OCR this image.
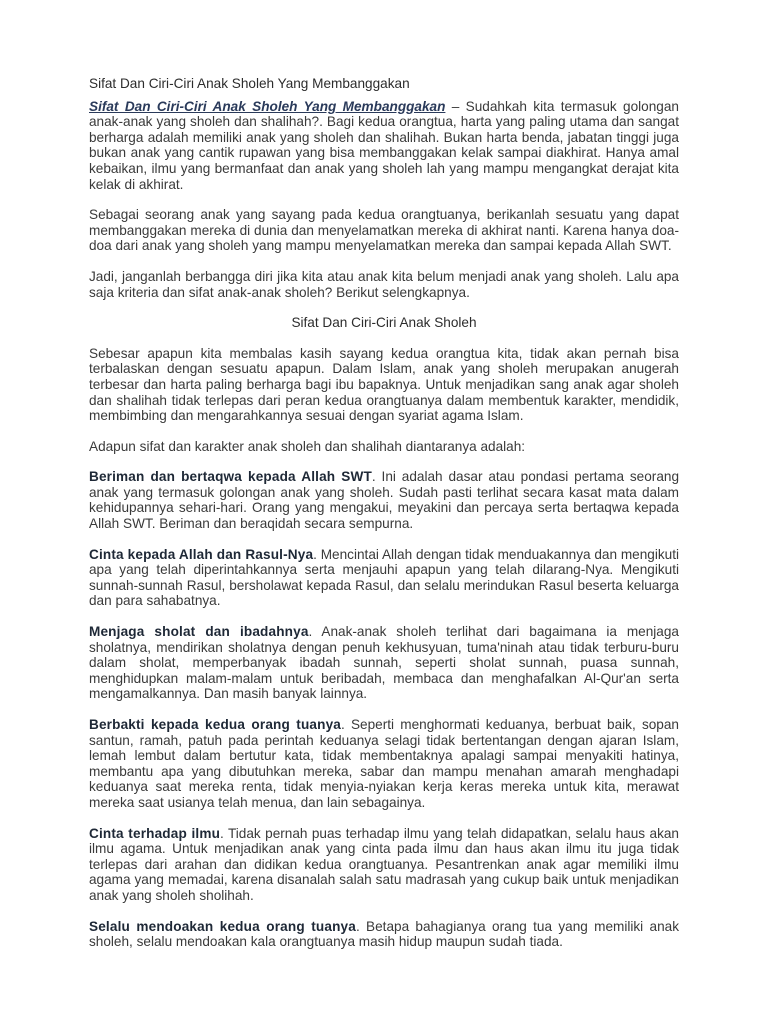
Sifat Dan Ciri-Ciri Anak Sholeh Yang Membanggakan

Sifat Dan Ciri-Ciri Anak Sholeh Yang Membanggakan – Sudahkah kita termasuk golongan anak-anak yang sholeh dan shalihah?. Bagi kedua orangtua, harta yang paling utama dan sangat berharga adalah memiliki anak yang sholeh dan shalihah. Bukan harta benda, jabatan tinggi juga bukan anak yang cantik rupawan yang bisa membanggakan kelak sampai diakhirat. Hanya amal kebaikan, ilmu yang bermanfaat dan anak yang sholeh lah yang mampu mengangkat derajat kita kelak di akhirat.

Sebagai seorang anak yang sayang pada kedua orangtuanya, berikanlah sesuatu yang dapat membanggakan mereka di dunia dan menyelamatkan mereka di akhirat nanti. Karena hanya doa-doa dari anak yang sholeh yang mampu menyelamatkan mereka dan sampai kepada Allah SWT.

Jadi, janganlah berbangga diri jika kita atau anak kita belum menjadi anak yang sholeh. Lalu apa saja kriteria dan sifat anak-anak sholeh? Berikut selengkapnya.

Sifat Dan Ciri-Ciri Anak Sholeh

Sebesar apapun kita membalas kasih sayang kedua orangtua kita, tidak akan pernah bisa terbalaskan dengan sesuatu apapun. Dalam Islam, anak yang sholeh merupakan anugerah terbesar dan harta paling berharga bagi ibu bapaknya. Untuk menjadikan sang anak agar sholeh dan shalihah tidak terlepas dari peran kedua orangtuanya dalam membentuk karakter, mendidik, membimbing dan mengarahkannya sesuai dengan syariat agama Islam.

Adapun sifat dan karakter anak sholeh dan shalihah diantaranya adalah:

Beriman dan bertaqwa kepada Allah SWT. Ini adalah dasar atau pondasi pertama seorang anak yang termasuk golongan anak yang sholeh. Sudah pasti terlihat secara kasat mata dalam kehidupannya sehari-hari. Orang yang mengakui, meyakini dan percaya serta bertaqwa kepada Allah SWT. Beriman dan beraqidah secara sempurna.

Cinta kepada Allah dan Rasul-Nya. Mencintai Allah dengan tidak menduakannya dan mengikuti apa yang telah diperintahkannya serta menjauhi apapun yang telah dilarang-Nya. Mengikuti sunnah-sunnah Rasul, bersholawat kepada Rasul, dan selalu merindukan Rasul beserta keluarga dan para sahabatnya.

Menjaga sholat dan ibadahnya. Anak-anak sholeh terlihat dari bagaimana ia menjaga sholatnya, mendirikan sholatnya dengan penuh kekhusyuan, tuma'ninah atau tidak terburu-buru dalam sholat, memperbanyak ibadah sunnah, seperti sholat sunnah, puasa sunnah, menghidupkan malam-malam untuk beribadah, membaca dan menghafalkan Al-Qur'an serta mengamalkannya. Dan masih banyak lainnya.

Berbakti kepada kedua orang tuanya. Seperti menghormati keduanya, berbuat baik, sopan santun, ramah, patuh pada perintah keduanya selagi tidak bertentangan dengan ajaran Islam, lemah lembut dalam bertutur kata, tidak membentaknya apalagi sampai menyakiti hatinya, membantu apa yang dibutuhkan mereka, sabar dan mampu menahan amarah menghadapi keduanya saat mereka renta, tidak menyia-nyiakan kerja keras mereka untuk kita, merawat mereka saat usianya telah menua, dan lain sebagainya.

Cinta terhadap ilmu. Tidak pernah puas terhadap ilmu yang telah didapatkan, selalu haus akan ilmu agama. Untuk menjadikan anak yang cinta pada ilmu dan haus akan ilmu itu juga tidak terlepas dari arahan dan didikan kedua orangtuanya. Pesantrenkan anak agar memiliki ilmu agama yang memadai, karena disanalah salah satu madrasah yang cukup baik untuk menjadikan anak yang sholeh sholihah.

Selalu mendoakan kedua orang tuanya. Betapa bahagianya orang tua yang memiliki anak sholeh, selalu mendoakan kala orangtuanya masih hidup maupun sudah tiada.
